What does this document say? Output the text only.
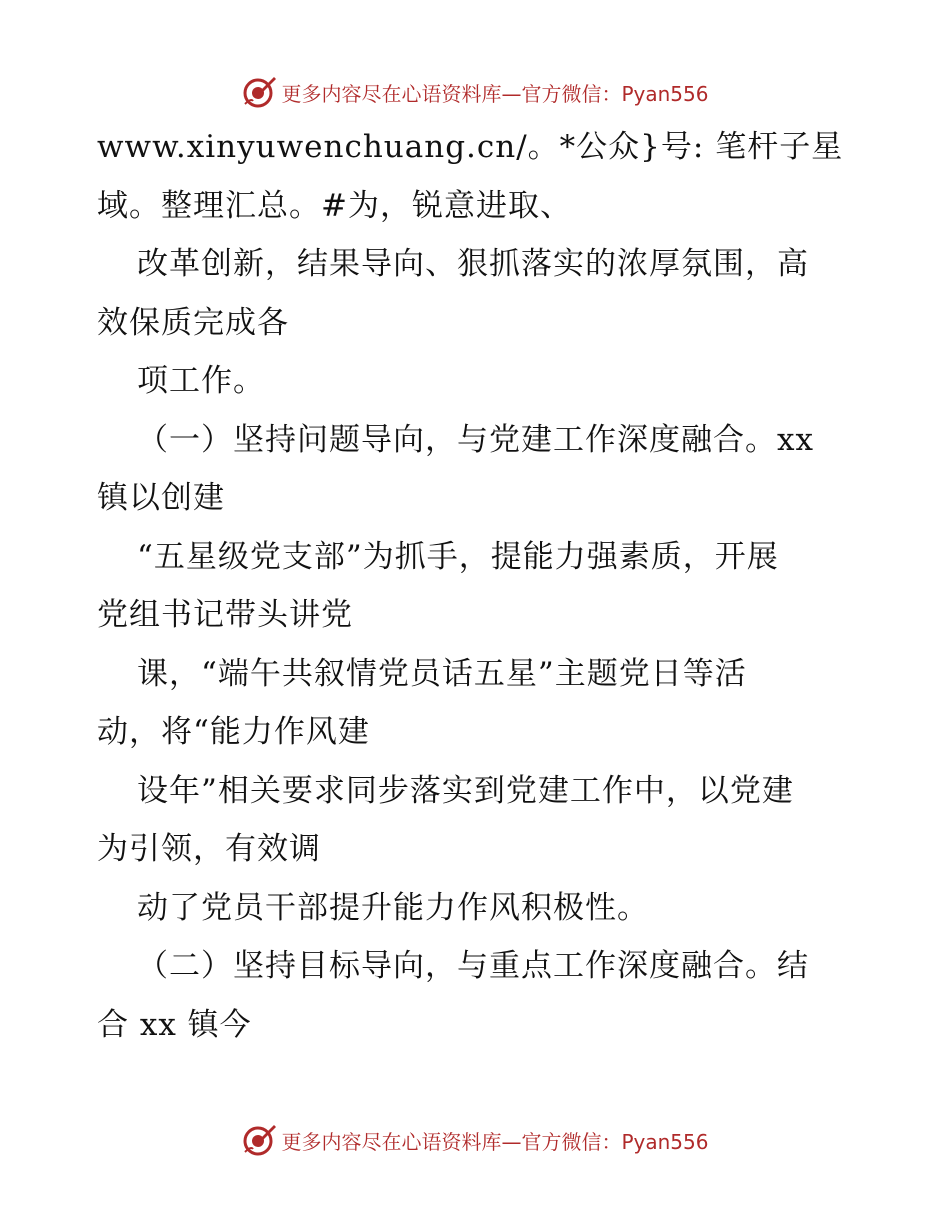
更多内容尽在心语资料库—官方微信：Pyan556
www.xinyuwenchuang.cn/。*公众}号: 笔杆子星
域。整理汇总。#为，锐意进取、
改革创新，结果导向、狠抓落实的浓厚氛围，高
效保质完成各
项工作。
（一）坚持问题导向，与党建工作深度融合。xx
镇以创建
“五星级党支部”为抓手，提能力强素质，开展
党组书记带头讲党
课，“端午共叙情党员话五星”主题党日等活
动，将“能力作风建
设年”相关要求同步落实到党建工作中，以党建
为引领，有效调
动了党员干部提升能力作风积极性。
（二）坚持目标导向，与重点工作深度融合。结
合 xx 镇今
更多内容尽在心语资料库—官方微信：Pyan556
